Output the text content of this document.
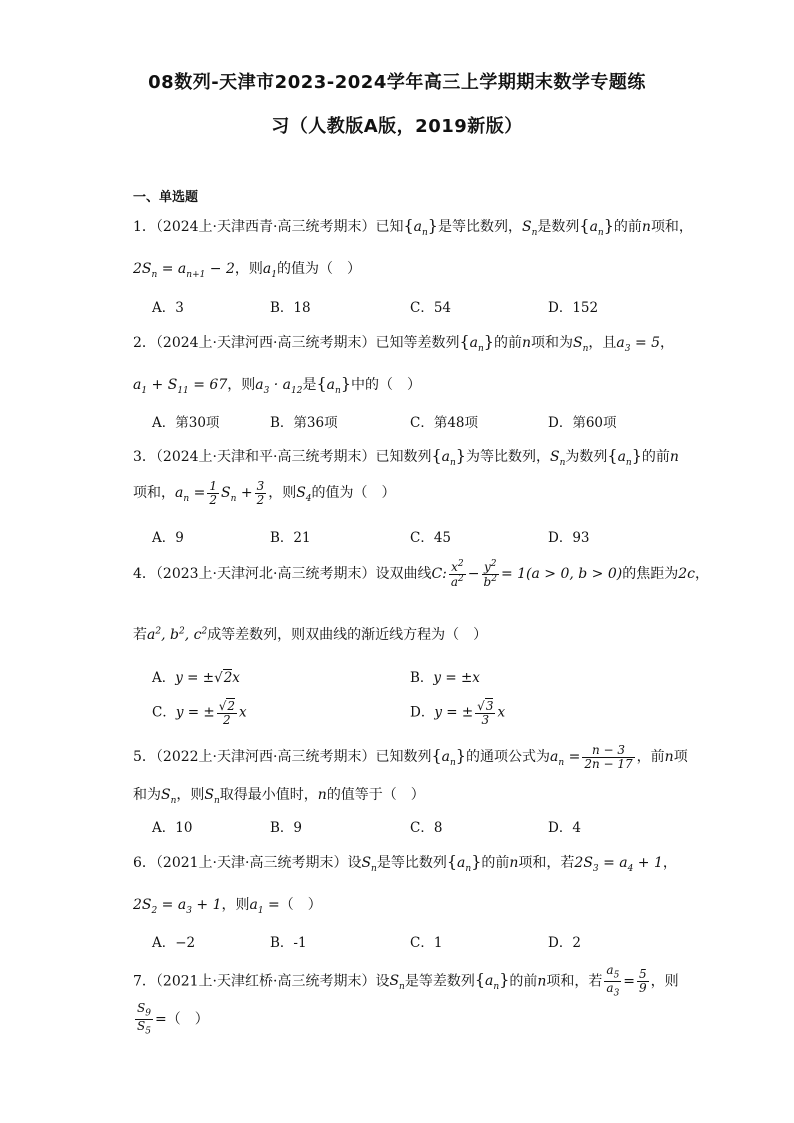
08数列-天津市2023-2024学年高三上学期期末数学专题练
习（人教版A版，2019新版）
一、单选题
1．（2024上·天津西青·高三统考期末）已知$\{a_n\}$是等比数列，$S_n$是数列$\{a_n\}$的前n项和，
$2S_n = a_{n+1} - 2$，则$a_1$的值为（　）
A．3	B．18	C．54	D．152
2．（2024上·天津河西·高三统考期末）已知等差数列$\{a_n\}$的前n项和为$S_n$，且$a_3 = 5$，
$a_1 + S_{11} = 67$，则$a_3 \cdot a_{12}$是$\{a_n\}$中的（　）
A．第30项	B．第36项	C．第48项	D．第60项
3．（2024上·天津和平·高三统考期末）已知数列$\{a_n\}$为等比数列，$S_n$为数列$\{a_n\}$的前n
项和，$a_n = \frac{1}{2} S_n + \frac{3}{2}$ ，则$S_4$的值为（　）
A．9	B．21	C．45	D．93
4．（2023上·天津河北·高三统考期末）设双曲线C: $\frac{x^2}{a^2} - \frac{y^2}{b^2} = 1(a > 0$, b > 0)的焦距为2c，
若$a^2$, $b^2$, $c^2$成等差数列，则双曲线的渐近线方程为（　）
A．y = ±√2x	B．y = ±x
C．y = ± $\frac{√2}{2}$ x	D．y = ± $\frac{√3}{3}$ x
5．（2022上·天津河西·高三统考期末）已知数列$\{a_n\}$的通项公式为$a_n = \frac{n - 3}{2n - 17}$ ，前n项
和为$S_n$，则$S_n$取得最小值时，n的值等于（　）
A．10	B．9	C．8	D．4
6．（2021上·天津·高三统考期末）设$S_n$是等比数列$\{a_n\}$的前n项和，若$2S_3 = a_4 + 1$，
$2S_2 = a_3 + 1$，则$a_1$ =（　）
A．−2	B．-1	C．1	D．2
7．（2021上·天津红桥·高三统考期末）设$S_n$是等差数列$\{a_n\}$的前n项和，若 $\frac{a_5}{a_3} = \frac{5}{9}$ ，则
$\frac{S_9}{S_5}$ =（　）
